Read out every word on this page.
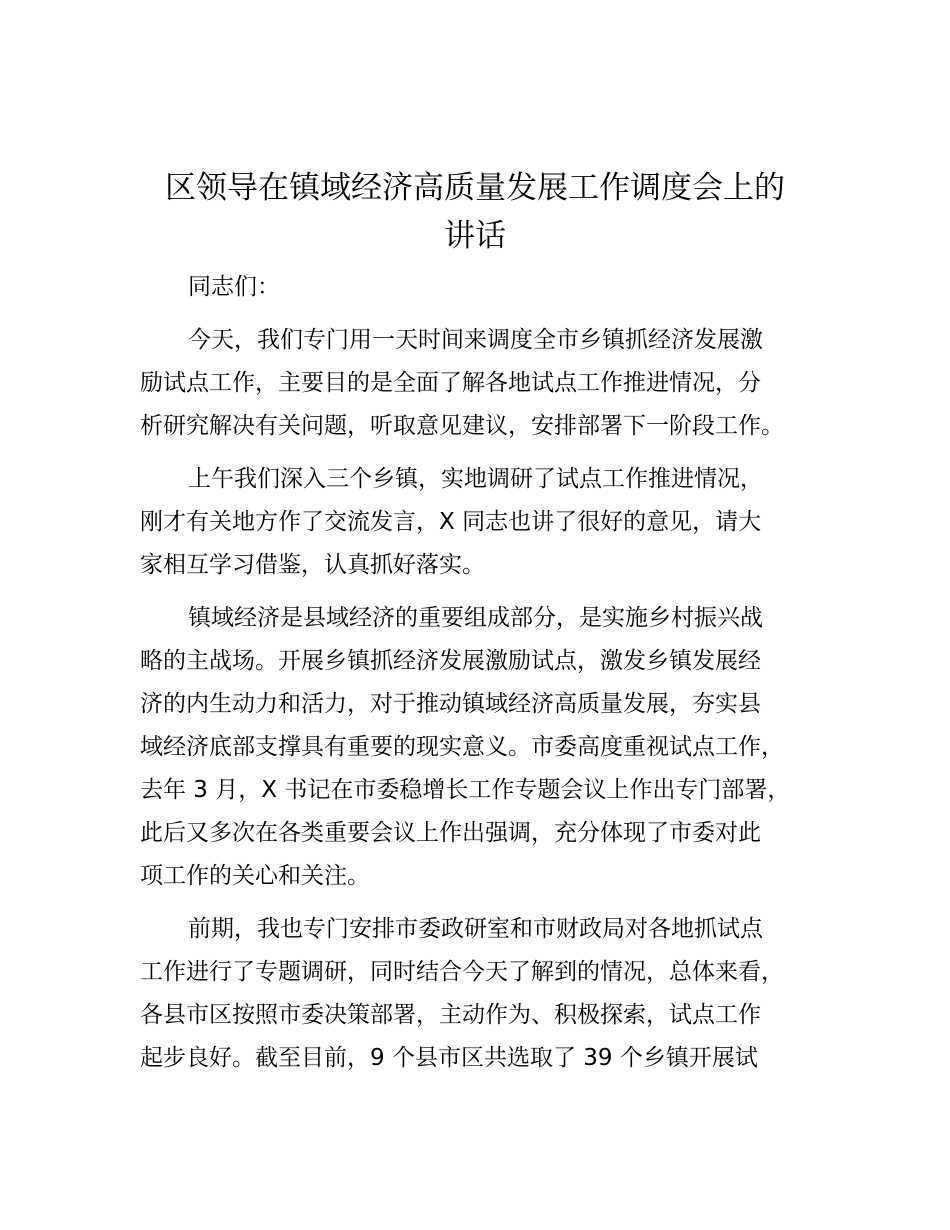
区领导在镇域经济高质量发展工作调度会上的
讲话

同志们：

今天，我们专门用一天时间来调度全市乡镇抓经济发展激
励试点工作，主要目的是全面了解各地试点工作推进情况，分
析研究解决有关问题，听取意见建议，安排部署下一阶段工作。

上午我们深入三个乡镇，实地调研了试点工作推进情况，
刚才有关地方作了交流发言，X 同志也讲了很好的意见，请大
家相互学习借鉴，认真抓好落实。

镇域经济是县域经济的重要组成部分，是实施乡村振兴战
略的主战场。开展乡镇抓经济发展激励试点，激发乡镇发展经
济的内生动力和活力，对于推动镇域经济高质量发展，夯实县
域经济底部支撑具有重要的现实意义。市委高度重视试点工作，
去年 3 月，X 书记在市委稳增长工作专题会议上作出专门部署，
此后又多次在各类重要会议上作出强调，充分体现了市委对此
项工作的关心和关注。

前期，我也专门安排市委政研室和市财政局对各地抓试点
工作进行了专题调研，同时结合今天了解到的情况，总体来看，
各县市区按照市委决策部署，主动作为、积极探索，试点工作
起步良好。截至目前，9 个县市区共选取了 39 个乡镇开展试
